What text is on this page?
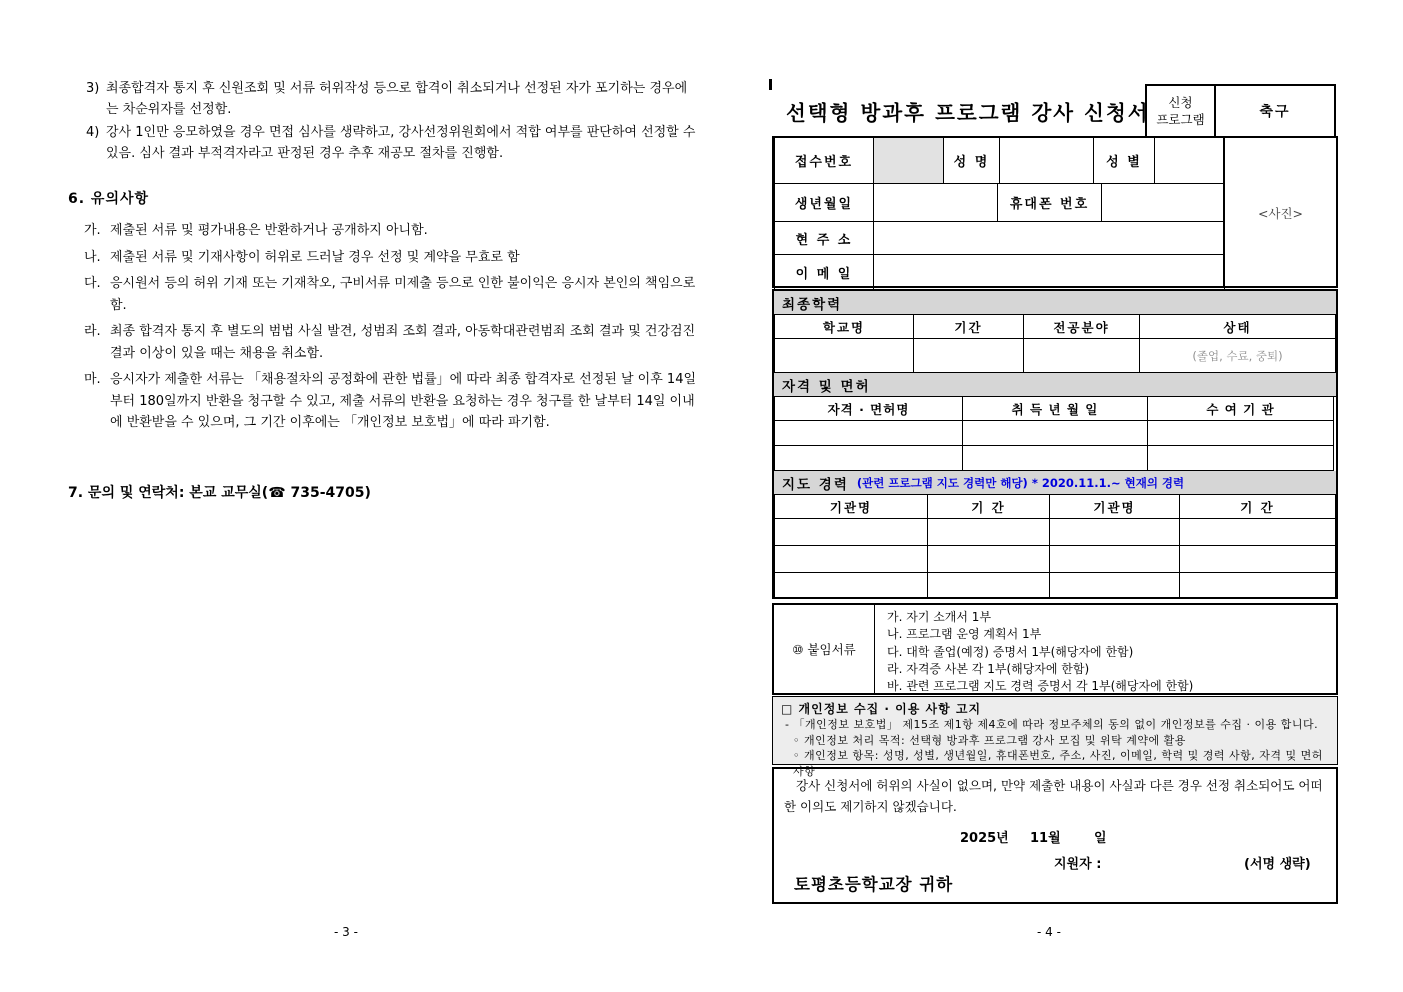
3) 최종합격자 통지 후 신원조회 및 서류 허위작성 등으로 합격이 취소되거나 선정된 자가 포기하는 경우에는 차순위자를 선정함.
4) 강사 1인만 응모하였을 경우 면접 심사를 생략하고, 강사선정위원회에서 적합 여부를 판단하여 선정할 수 있음. 심사 결과 부적격자라고 판정된 경우 추후 재공모 절차를 진행함.
6. 유의사항
가. 제출된 서류 및 평가내용은 반환하거나 공개하지 아니함.
나. 제출된 서류 및 기재사항이 허위로 드러날 경우 선정 및 계약을 무효로 함
다. 응시원서 등의 허위 기재 또는 기재착오, 구비서류 미제출 등으로 인한 불이익은 응시자 본인의 책임으로 함.
라. 최종 합격자 통지 후 별도의 범법 사실 발견, 성범죄 조회 결과, 아동학대관련범죄 조회 결과 및 건강검진 결과 이상이 있을 때는 채용을 취소함.
마. 응시자가 제출한 서류는 「채용절차의 공정화에 관한 법률」에 따라 최종 합격자로 선정된 날 이후 14일부터 180일까지 반환을 청구할 수 있고, 제출 서류의 반환을 요청하는 경우 청구를 한 날부터 14일 이내에 반환받을 수 있으며, 그 기간 이후에는 「개인정보 보호법」에 따라 파기함.
7. 문의 및 연락처: 본교 교무실(☎ 735-4705)
- 3 -
선택형 방과후 프로그램 강사 신청서 신청
프로그램	축구
접수번호	성 명	성 별
생년월일	휴대폰 번호
현 주 소
이 메 일
<사진>
최종학력
학교명	기간	전공분야	상태
(졸업, 수료, 중퇴)
자격 및 면허
자격 · 면허명	취 득 년 월 일	수 여 기 관
지도 경력 (관련 프로그램 지도 경력만 해당) * 2020.11.1.~ 현재의 경력
기관명	기 간	기관명	기 간
⑩ 붙임서류
가. 자기 소개서 1부
나. 프로그램 운영 계획서 1부
다. 대학 졸업(예정) 증명서 1부(해당자에 한함)
라. 자격증 사본 각 1부(해당자에 한함)
바. 관련 프로그램 지도 경력 증명서 각 1부(해당자에 한함)
□ 개인정보 수집 · 이용 사항 고지
- 「개인정보 보호법」 제15조 제1항 제4호에 따라 정보주체의 동의 없이 개인정보를 수집 · 이용 합니다.
◦ 개인정보 처리 목적: 선택형 방과후 프로그램 강사 모집 및 위탁 계약에 활용
◦ 개인정보 항목: 성명, 성별, 생년월일, 휴대폰번호, 주소, 사진, 이메일, 학력 및 경력 사항, 자격 및 면허 사항
강사 신청서에 허위의 사실이 없으며, 만약 제출한 내용이 사실과 다른 경우 선정 취소되어도 어떠한 이의도 제기하지 않겠습니다.
2025년 11월	일
지원자 :	(서명 생략)
토평초등학교장 귀하
- 4 -
